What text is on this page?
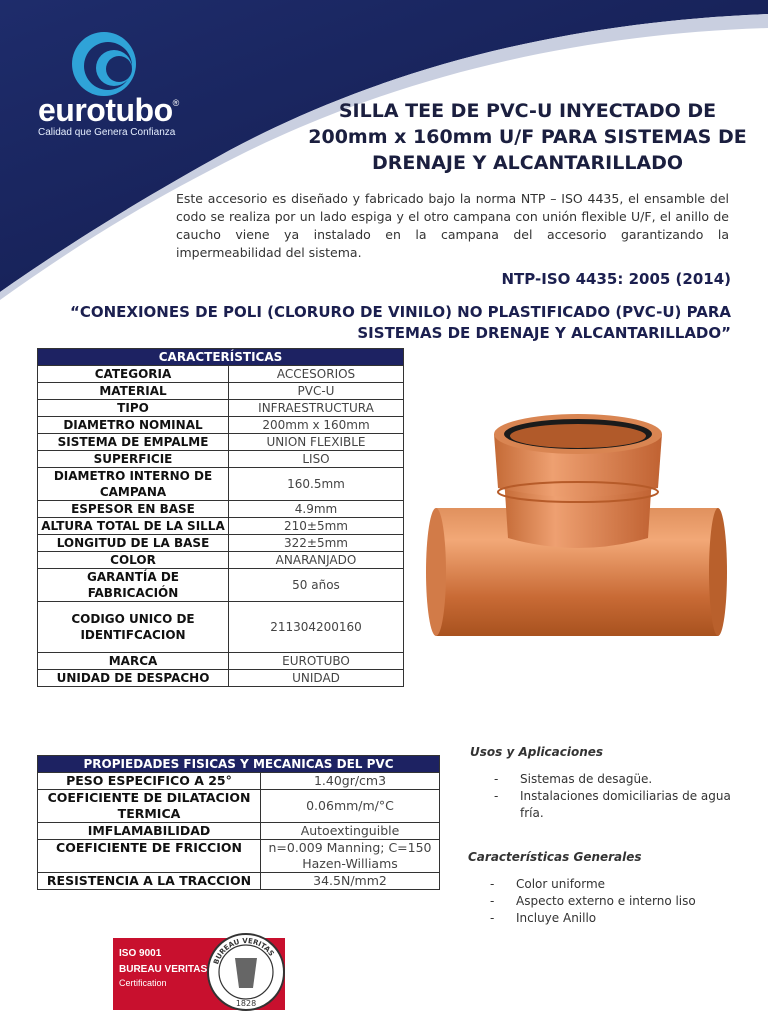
eurotubo®
Calidad que Genera Confianza
SILLA TEE DE PVC-U INYECTADO DE
200mm x 160mm U/F PARA SISTEMAS DE
DRENAJE Y ALCANTARILLADO
Este accesorio es diseñado y fabricado bajo la norma NTP – ISO 4435, el ensamble del codo se realiza por un lado espiga y el otro campana con unión flexible U/F, el anillo de caucho viene ya instalado en la campana del accesorio garantizando la impermeabilidad del sistema.
NTP-ISO 4435: 2005 (2014)
“CONEXIONES DE POLI (CLORURO DE VINILO) NO PLASTIFICADO (PVC-U) PARA
SISTEMAS DE DRENAJE Y ALCANTARILLADO”
CARACTERÍSTICAS	
CATEGORIA	ACCESORIOS
MATERIAL	PVC-U
TIPO	INFRAESTRUCTURA
DIAMETRO NOMINAL	200mm x 160mm
SISTEMA DE EMPALME	UNION FLEXIBLE
SUPERFICIE	LISO
DIAMETRO INTERNO DE CAMPANA	160.5mm
ESPESOR EN BASE	4.9mm
ALTURA TOTAL DE LA SILLA	210±5mm
LONGITUD DE LA BASE	322±5mm
COLOR	ANARANJADO
GARANTÍA DE FABRICACIÓN	50 años
CODIGO UNICO DE IDENTIFCACION	211304200160
MARCA	EUROTUBO
UNIDAD DE DESPACHO	UNIDAD
PROPIEDADES FISICAS Y MECANICAS DEL PVC	
PESO ESPECIFICO A 25°	1.40gr/cm3
COEFICIENTE DE DILATACION TERMICA	0.06mm/m/°C
IMFLAMABILIDAD	Autoextinguible
COEFICIENTE DE FRICCION	n=0.009 Manning; C=150 Hazen-Williams
RESISTENCIA A LA TRACCION	34.5N/mm2
Usos y Aplicaciones
- Sistemas de desagüe.
- Instalaciones domiciliarias de agua fría.
Características Generales
- Color uniforme
- Aspecto externo e interno liso
- Incluye Anillo
ISO 9001
BUREAU VERITAS
Certification
BUREAU VERITAS
1828
